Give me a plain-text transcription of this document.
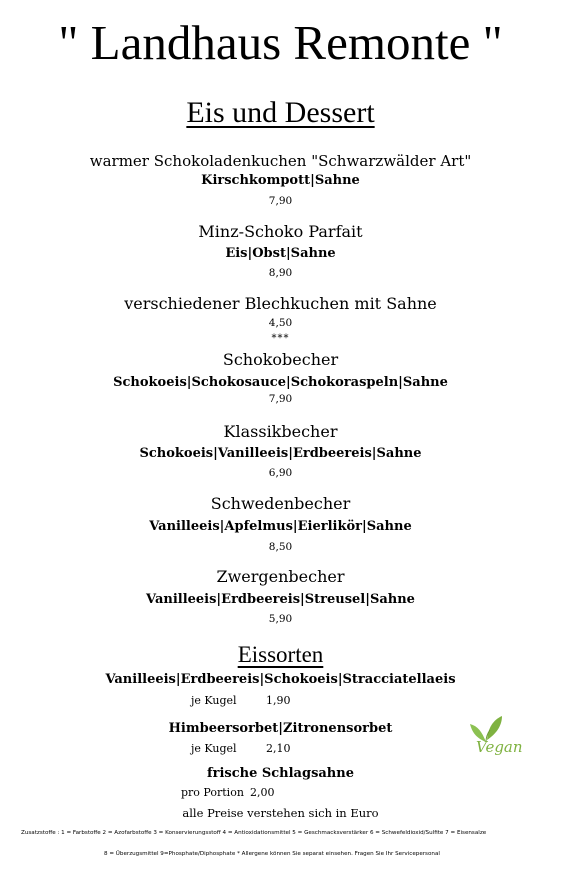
" Landhaus Remonte "
Eis und Dessert
warmer Schokoladenkuchen "Schwarzwälder Art"
Kirschkompott|Sahne
7,90
Minz-Schoko Parfait
Eis|Obst|Sahne
8,90
verschiedener Blechkuchen mit Sahne
4,50
***
Schokobecher
Schokoeis|Schokosauce|Schokoraspeln|Sahne
7,90
Klassikbecher
Schokoeis|Vanilleeis|Erdbeereis|Sahne
6,90
Schwedenbecher
Vanilleeis|Apfelmus|Eierlikör|Sahne
8,50
Zwergenbecher
Vanilleeis|Erdbeereis|Streusel|Sahne
5,90
Eissorten
Vanilleeis|Erdbeereis|Schokoeis|Stracciatellaeis
je Kugel	1,90
Himbeersorbet|Zitronensorbet
je Kugel	2,10
frische Schlagsahne
pro Portion 2,00
alle Preise verstehen sich in Euro
Vegan
Zusatzstoffe : 1 = Farbstoffe 2 = Azofarbstoffe 3 = Konservierungsstoff 4 = Antioxidationsmittel 5 = Geschmacksverstärker 6 = Schwefeldioxid/Sulfite 7 = Eisensalze
8 = Überzugsmittel 9=Phosphate/Diphosphate * Allergene können Sie separat einsehen. Fragen Sie Ihr Servicepersonal
